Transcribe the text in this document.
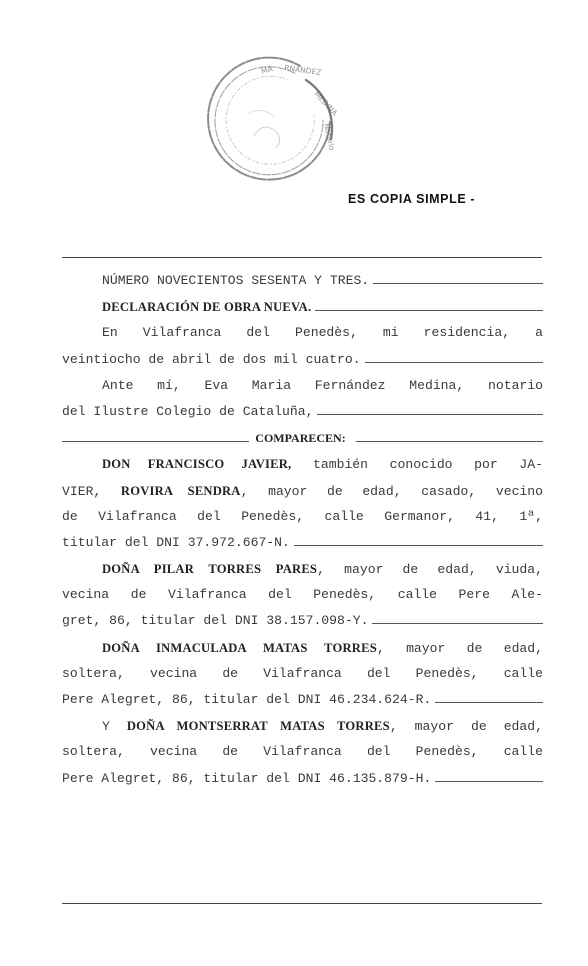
MA RNÁNDEZ
MEDINA
Notario
ES COPIA SIMPLE -
NÚMERO NOVECIENTOS SESENTA Y TRES.
DECLARACIÓN DE OBRA NUEVA.
En Vilafranca del Penedès, mi residencia, a
veintiocho de abril de dos mil cuatro.
Ante mí, Eva Maria Fernández Medina, notario
del Ilustre Colegio de Cataluña,
COMPARECEN:
DON FRANCISCO JAVIER, también conocido por JA-
VIER, ROVIRA SENDRA, mayor de edad, casado, vecino
de Vilafranca del Penedès, calle Germanor, 41, 1ª,
titular del DNI 37.972.667-N.
DOÑA PILAR TORRES PARES, mayor de edad, viuda,
vecina de Vilafranca del Penedès, calle Pere Ale-
gret, 86, titular del DNI 38.157.098-Y.
DOÑA INMACULADA MATAS TORRES, mayor de edad,
soltera, vecina de Vilafranca del Penedès, calle
Pere Alegret, 86, titular del DNI 46.234.624-R.
Y DOÑA MONTSERRAT MATAS TORRES, mayor de edad,
soltera, vecina de Vilafranca del Penedès, calle
Pere Alegret, 86, titular del DNI 46.135.879-H.
